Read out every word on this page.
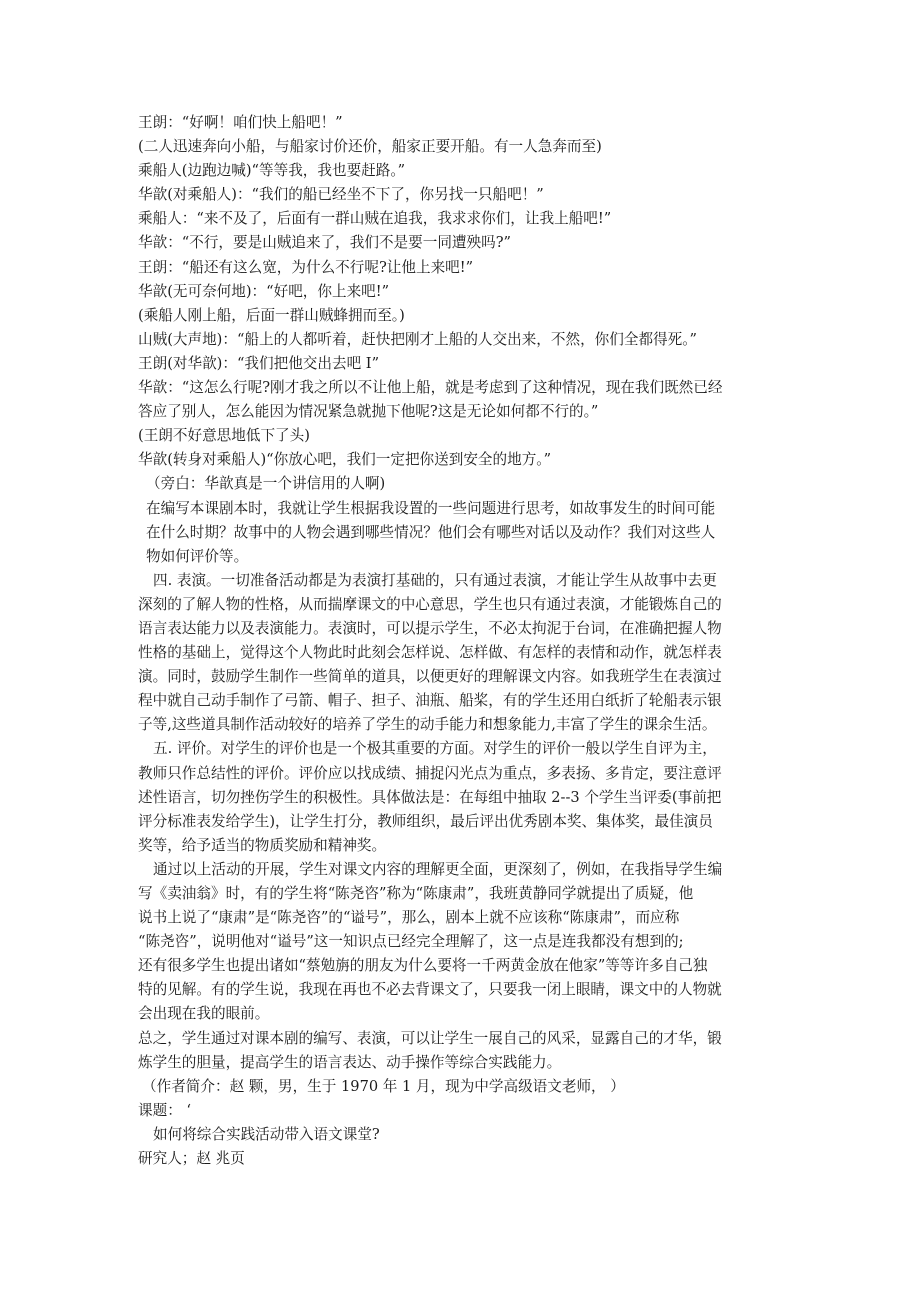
王朗：“好啊！咱们快上船吧！”
(二人迅速奔向小船，与船家讨价还价，船家正要开船。有一人急奔而至)
乘船人(边跑边喊)“等等我，我也要赶路。”
华歆(对乘船人)：“我们的船已经坐不下了，你另找一只船吧！”
乘船人：“来不及了，后面有一群山贼在追我，我求求你们，让我上船吧!”
华歆：“不行，要是山贼追来了，我们不是要一同遭殃吗?”
王朗：“船还有这么宽，为什么不行呢?让他上来吧!”
华歆(无可奈何地)：“好吧，你上来吧!”
(乘船人刚上船，后面一群山贼蜂拥而至。)
山贼(大声地)：“船上的人都听着，赶快把刚才上船的人交出来，不然，你们全都得死。”
王朗(对华歆)：“我们把他交出去吧 I”
华歆：“这怎么行呢?刚才我之所以不让他上船，就是考虑到了这种情况，现在我们既然已经
答应了别人，怎么能因为情况紧急就抛下他呢?这是无论如何都不行的。”
(王朗不好意思地低下了头)
华歆(转身对乘船人)“你放心吧，我们一定把你送到安全的地方。”
（旁白：华歆真是一个讲信用的人啊)
在编写本课剧本时，我就让学生根据我设置的一些问题进行思考，如故事发生的时间可能
在什么时期？故事中的人物会遇到哪些情况？他们会有哪些对话以及动作？我们对这些人
物如何评价等。
四. 表演。一切准备活动都是为表演打基础的，只有通过表演，才能让学生从故事中去更
深刻的了解人物的性格，从而揣摩课文的中心意思，学生也只有通过表演，才能锻炼自己的
语言表达能力以及表演能力。表演时，可以提示学生，不必太拘泥于台词，在准确把握人物
性格的基础上，觉得这个人物此时此刻会怎样说、怎样做、有怎样的表情和动作，就怎样表
演。同时，鼓励学生制作一些简单的道具，以便更好的理解课文内容。如我班学生在表演过
程中就自己动手制作了弓箭、帽子、担子、油瓶、船桨，有的学生还用白纸折了轮船表示银
子等,这些道具制作活动较好的培养了学生的动手能力和想象能力,丰富了学生的课余生活。
五. 评价。对学生的评价也是一个极其重要的方面。对学生的评价一般以学生自评为主，
教师只作总结性的评价。评价应以找成绩、捕捉闪光点为重点，多表扬、多肯定，要注意评
述性语言，切勿挫伤学生的积极性。具体做法是：在每组中抽取 2--3 个学生当评委(事前把
评分标准表发给学生)，让学生打分，教师组织，最后评出优秀剧本奖、集体奖，最佳演员
奖等，给予适当的物质奖励和精神奖。
通过以上活动的开展，学生对课文内容的理解更全面，更深刻了，例如，在我指导学生编
写《卖油翁》时，有的学生将“陈尧咨”称为“陈康肃”，我班黄静同学就提出了质疑，他
说书上说了“康肃”是“陈尧咨”的“谥号”，那么，剧本上就不应该称“陈康肃”，而应称
“陈尧咨”，说明他对“谥号”这一知识点已经完全理解了，这一点是连我都没有想到的;
还有很多学生也提出诸如“蔡勉旃的朋友为什么要将一千两黄金放在他家”等等许多自己独
特的见解。有的学生说，我现在再也不必去背课文了，只要我一闭上眼睛，课文中的人物就
会出现在我的眼前。
总之，学生通过对课本剧的编写、表演，可以让学生一展自己的风采，显露自己的才华，锻
炼学生的胆量，提高学生的语言表达、动手操作等综合实践能力。
（作者简介：赵 颗，男，生于 1970 年 1 月，现为中学高级语文老师， ）
课题： ‘
如何将综合实践活动带入语文课堂?
研究人；赵 兆页
